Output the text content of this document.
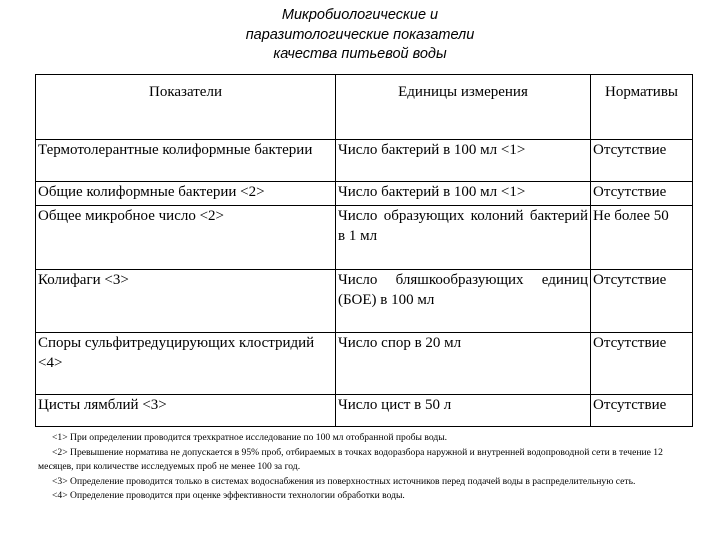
Микробиологические и
паразитологические показатели
качества питьевой воды
Показатели	Единицы измерения	Нормативы
Термотолерантные колиформные бактерии	Число бактерий в 100 мл <1>	Отсутствие
Общие колиформные бактерии <2>	Число бактерий в 100 мл <1>	Отсутствие
Общее микробное число <2>	Число образующих колоний бактерий в 1 мл	Не более 50
Колифаги <3>	Число бляшкообразующих единиц (БОЕ) в 100 мл	Отсутствие
Споры сульфитредуцирующих клостридий <4>	Число спор в 20 мл	Отсутствие
Цисты лямблий <3>	Число цист в 50 л	Отсутствие

<1> При определении проводится трехкратное исследование по 100 мл отобранной пробы воды.

<2> Превышение норматива не допускается в 95% проб, отбираемых в точках водоразбора наружной и внутренней водопроводной сети в течение 12 месяцев, при количестве исследуемых проб не менее 100 за год.

<3> Определение проводится только в системах водоснабжения из поверхностных источников перед подачей воды в распределительную сеть.

<4> Определение проводится при оценке эффективности технологии обработки воды.
